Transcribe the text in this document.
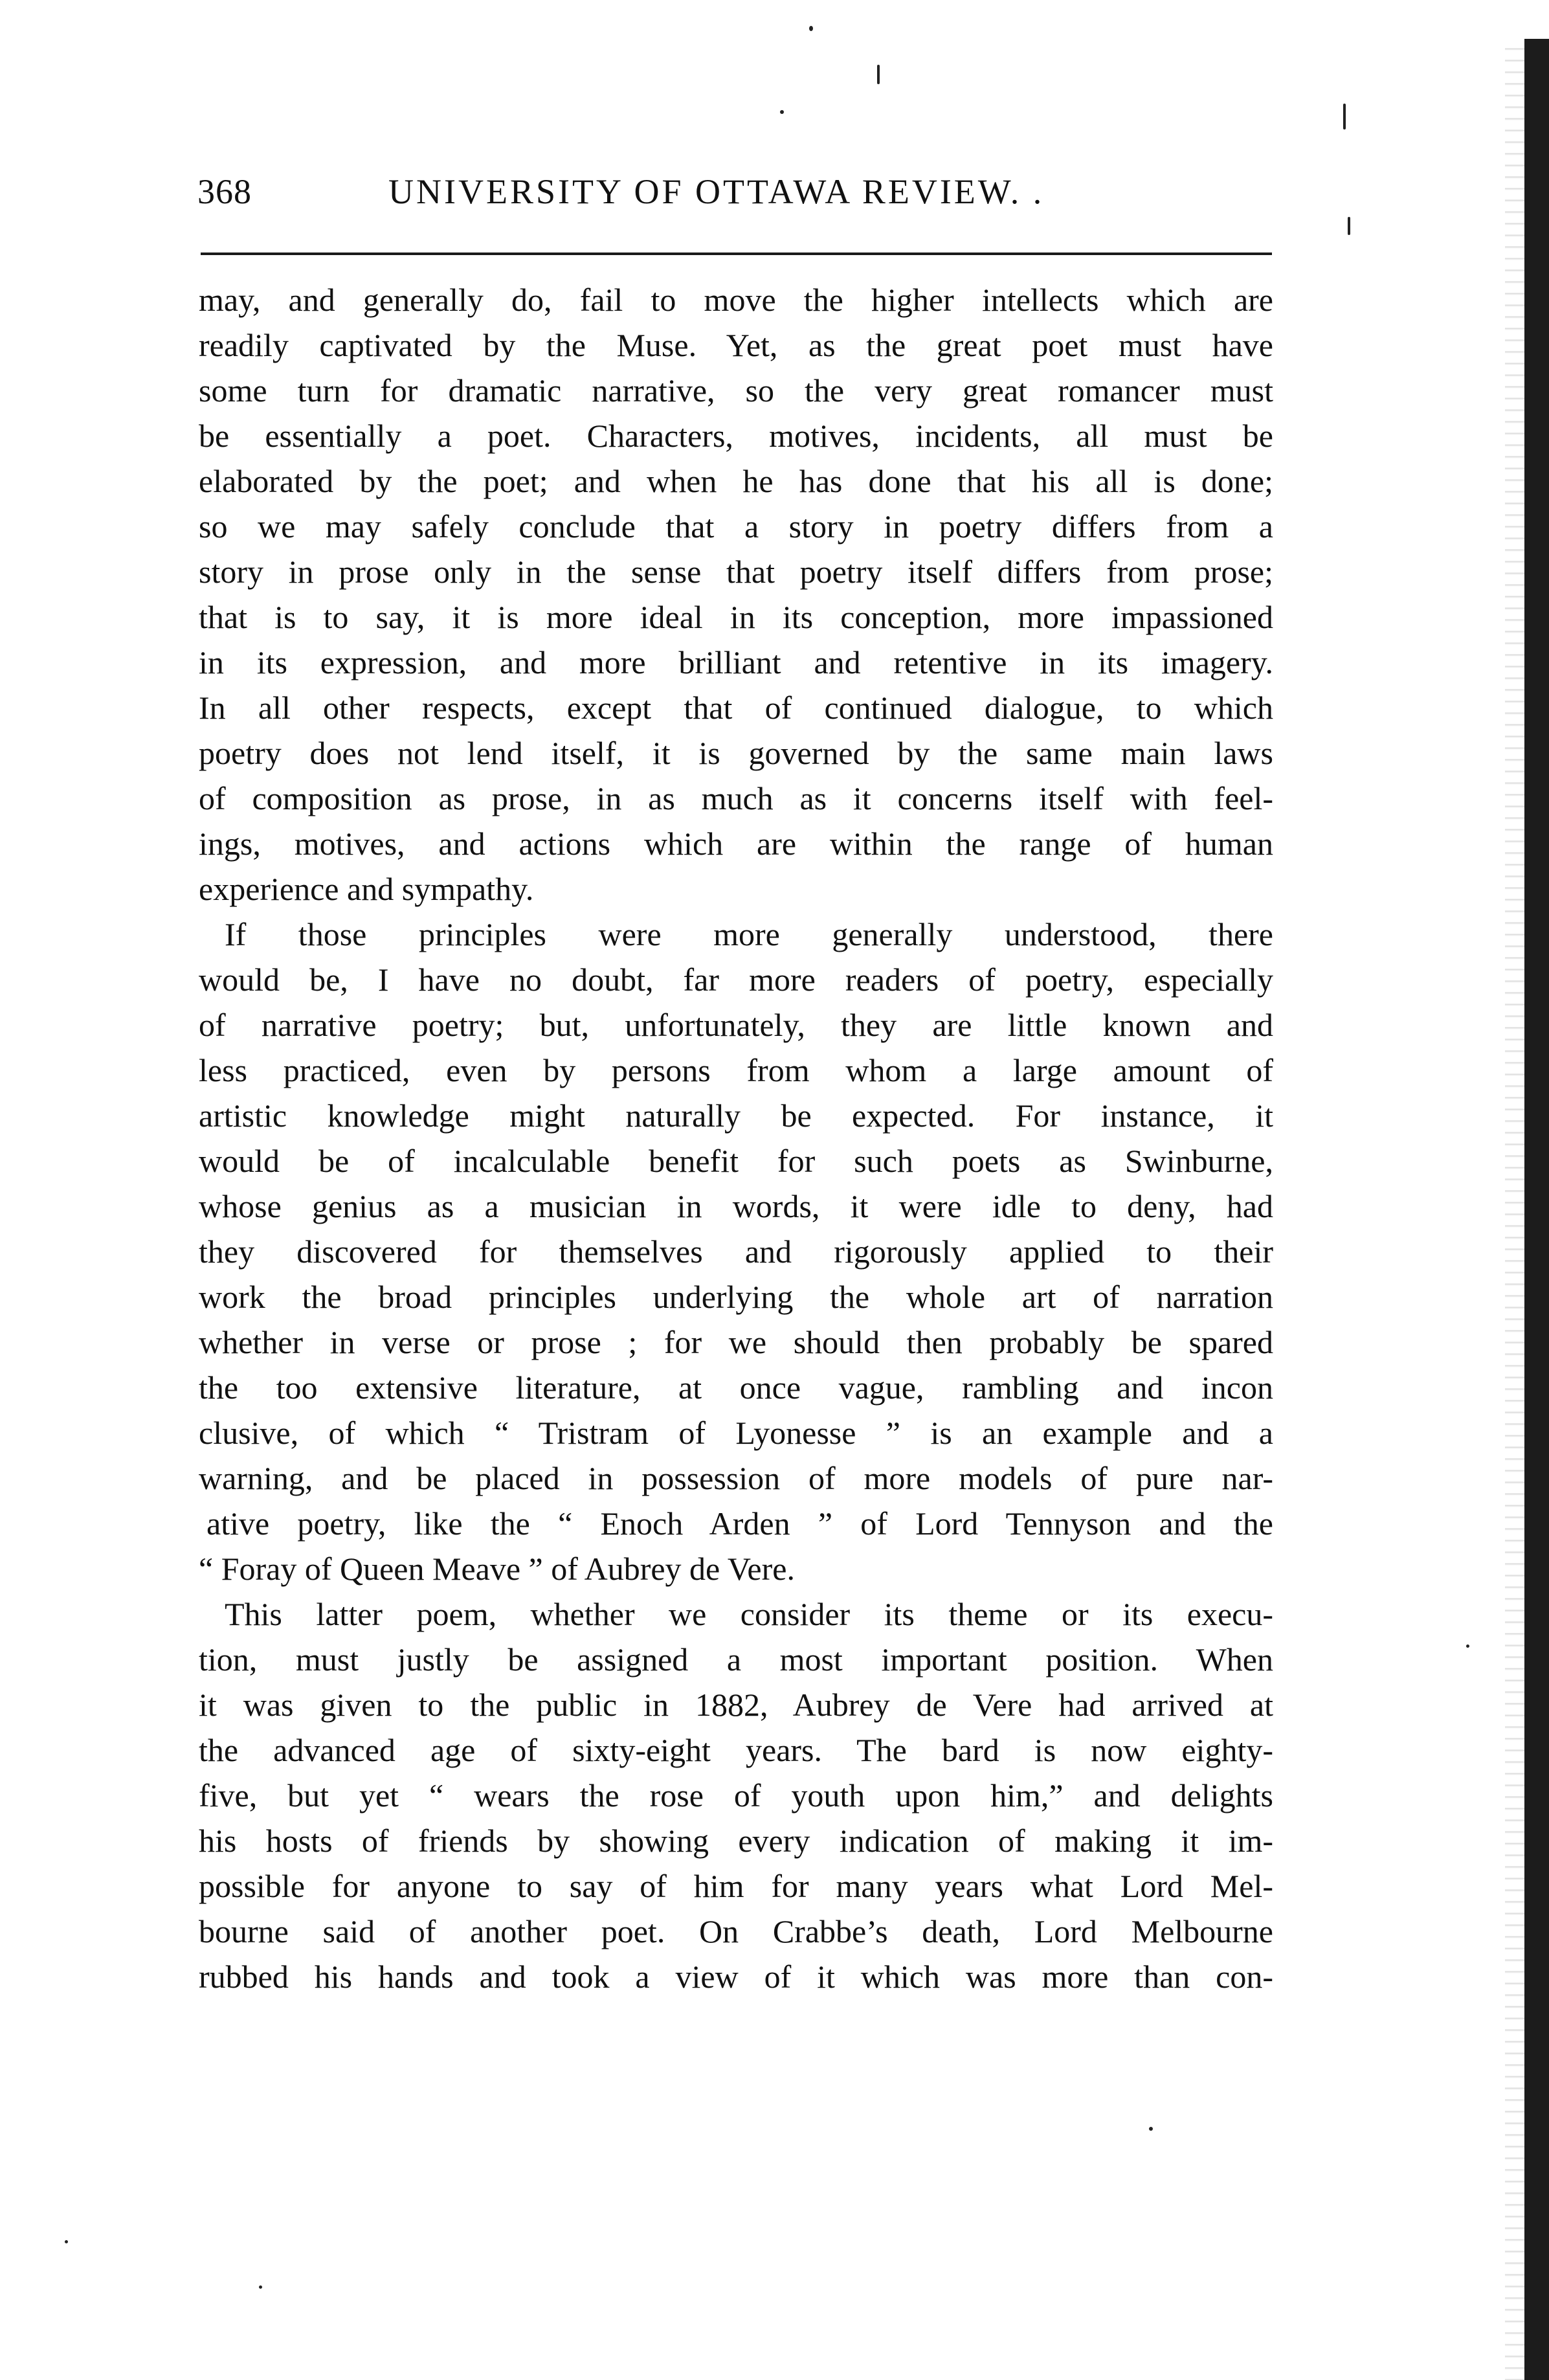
368	UNIVERSITY OF OTTAWA REVIEW. .
may, and generally do, fail to move the higher intellects which are
readily captivated by the Muse. Yet, as the great poet must have
some turn for dramatic narrative, so the very great romancer must
be essentially a poet. Characters, motives, incidents, all must be
elaborated by the poet; and when he has done that his all is done;
so we may safely conclude that a story in poetry differs from a
story in prose only in the sense that poetry itself differs from prose;
that is to say, it is more ideal in its conception, more impassioned
in its expression, and more brilliant and retentive in its imagery.
In all other respects, except that of continued dialogue, to which
poetry does not lend itself, it is governed by the same main laws
of composition as prose, in as much as it concerns itself with feel-
ings, motives, and actions which are within the range of human
experience and sympathy.
If those principles were more generally understood, there
would be, I have no doubt, far more readers of poetry, especially
of narrative poetry; but, unfortunately, they are little known and
less practiced, even by persons from whom a large amount of
artistic knowledge might naturally be expected. For instance, it
would be of incalculable benefit for such poets as Swinburne,
whose genius as a musician in words, it were idle to deny, had
they discovered for themselves and rigorously applied to their
work the broad principles underlying the whole art of narration
whether in verse or prose ; for we should then probably be spared
the too extensive literature, at once vague, rambling and incon
clusive, of which “ Tristram of Lyonesse ” is an example and a
warning, and be placed in possession of more models of pure nar-
ative poetry, like the “ Enoch Arden ” of Lord Tennyson and the
“ Foray of Queen Meave ” of Aubrey de Vere.
This latter poem, whether we consider its theme or its execu-
tion, must justly be assigned a most important position. When
it was given to the public in 1882, Aubrey de Vere had arrived at
the advanced age of sixty-eight years. The bard is now eighty-
five, but yet “ wears the rose of youth upon him,” and delights
his hosts of friends by showing every indication of making it im-
possible for anyone to say of him for many years what Lord Mel-
bourne said of another poet. On Crabbe’s death, Lord Melbourne
rubbed his hands and took a view of it which was more than con-
